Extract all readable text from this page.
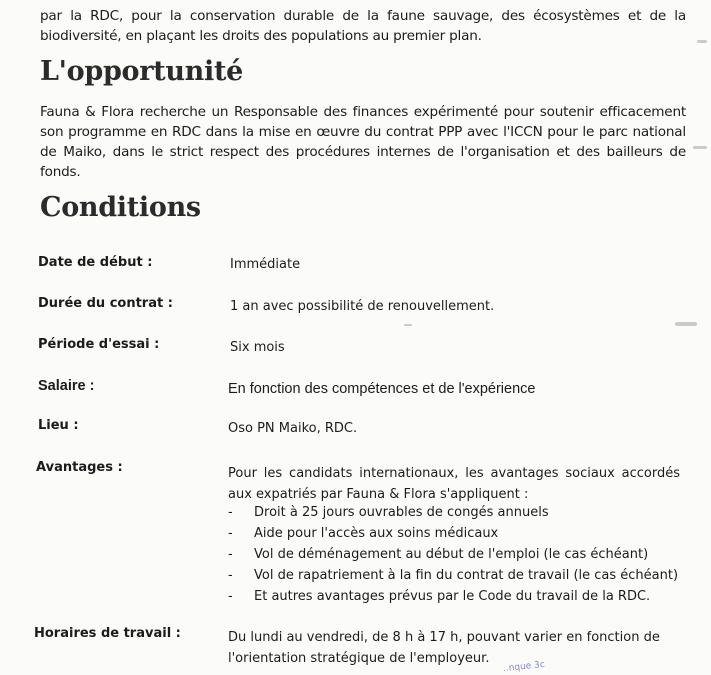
par la RDC, pour la conservation durable de la faune sauvage, des écosystèmes et de la biodiversité, en plaçant les droits des populations au premier plan.
L'opportunité
Fauna & Flora recherche un Responsable des finances expérimenté pour soutenir efficacement son programme en RDC dans la mise en œuvre du contrat PPP avec l'ICCN pour le parc national de Maiko, dans le strict respect des procédures internes de l'organisation et des bailleurs de fonds.
Conditions
Date de début :	Immédiate
Durée du contrat :	1 an avec possibilité de renouvellement.
Période d'essai :	Six mois
Salaire :	En fonction des compétences et de l'expérience
Lieu :	Oso PN Maiko, RDC.
Avantages :	Pour les candidats internationaux, les avantages sociaux accordés aux expatriés par Fauna & Flora s'appliquent :
- Droit à 25 jours ouvrables de congés annuels
- Aide pour l'accès aux soins médicaux
- Vol de déménagement au début de l'emploi (le cas échéant)
- Vol de rapatriement à la fin du contrat de travail (le cas échéant)
- Et autres avantages prévus par le Code du travail de la RDC.
Horaires de travail :	Du lundi au vendredi, de 8 h à 17 h, pouvant varier en fonction de
l'orientation stratégique de l'employeur.
..nque 3c
